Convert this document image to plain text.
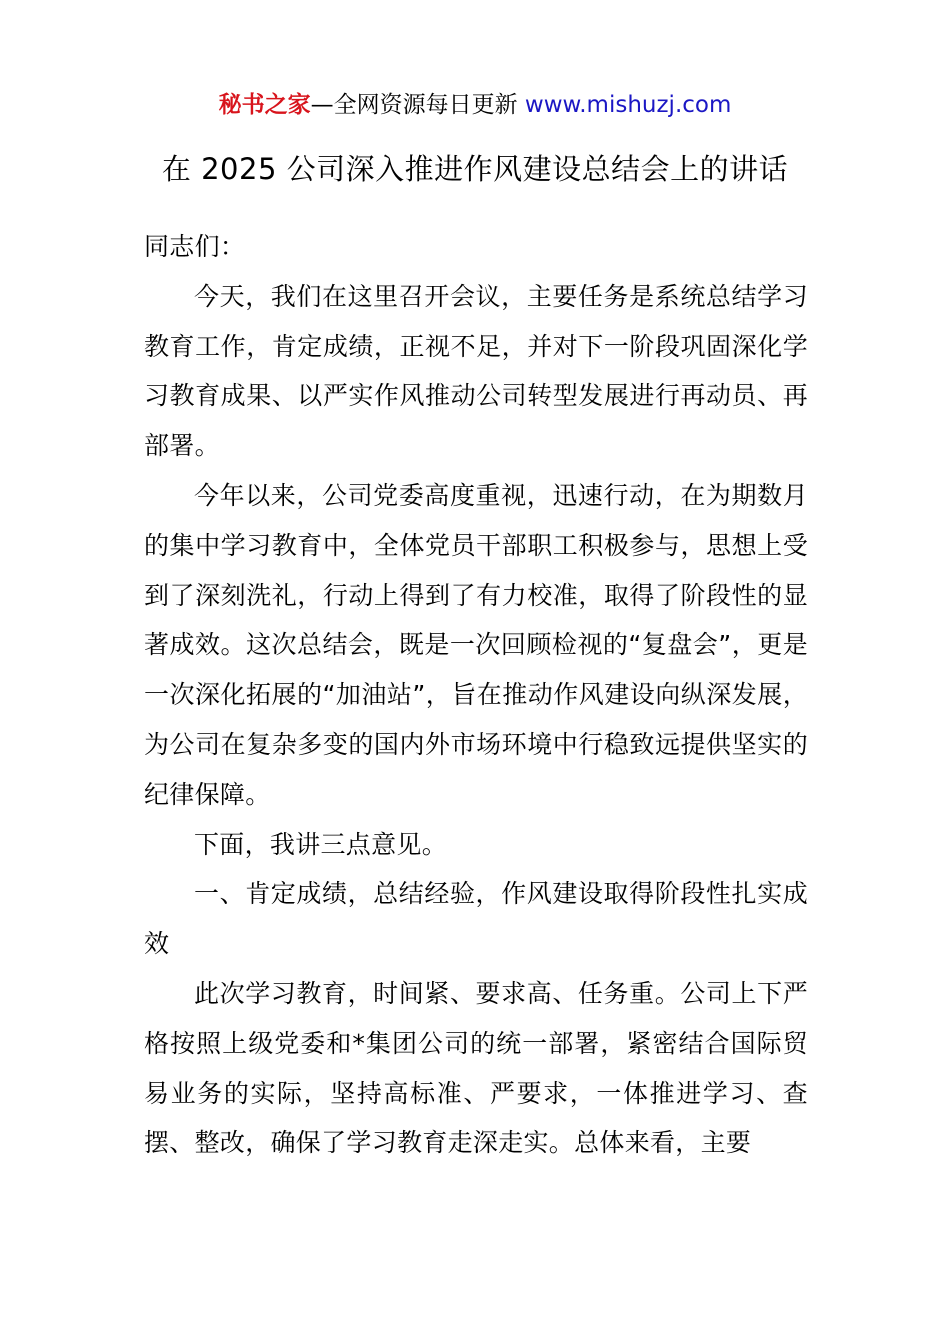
秘书之家—全网资源每日更新 www.mishuzj.com
在 2025 公司深入推进作风建设总结会上的讲话

同志们：

今天，我们在这里召开会议，主要任务是系统总结学习教育工作，肯定成绩，正视不足，并对下一阶段巩固深化学习教育成果、以严实作风推动公司转型发展进行再动员、再部署。

今年以来，公司党委高度重视，迅速行动，在为期数月的集中学习教育中，全体党员干部职工积极参与，思想上受到了深刻洗礼，行动上得到了有力校准，取得了阶段性的显著成效。这次总结会，既是一次回顾检视的“复盘会”，更是一次深化拓展的“加油站”，旨在推动作风建设向纵深发展，为公司在复杂多变的国内外市场环境中行稳致远提供坚实的纪律保障。

下面，我讲三点意见。

一、肯定成绩，总结经验，作风建设取得阶段性扎实成效

此次学习教育，时间紧、要求高、任务重。公司上下严格按照上级党委和*集团公司的统一部署，紧密结合国际贸易业务的实际，坚持高标准、严要求，一体推进学习、查摆、整改，确保了学习教育走深走实。总体来看，主要
